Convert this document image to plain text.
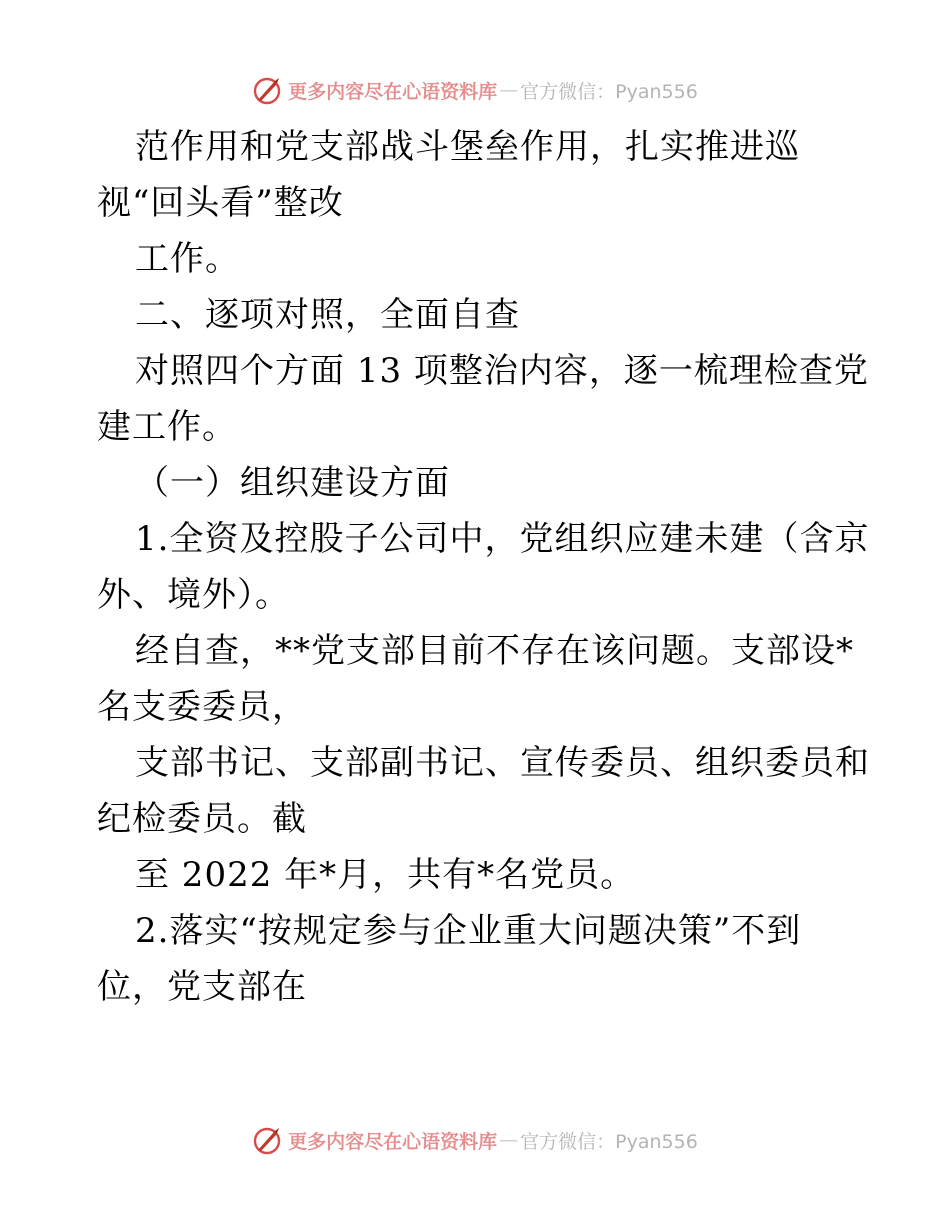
更多内容尽在心语资料库 — 官方微信：Pyan556
范作用和党支部战斗堡垒作用，扎实推进巡
视“回头看”整改
工作。
二、逐项对照，全面自查
对照四个方面 13 项整治内容，逐一梳理检查党
建工作。
（一）组织建设方面
1.全资及控股子公司中，党组织应建未建（含京
外、境外）。
经自查，**党支部目前不存在该问题。支部设*
名支委委员，
支部书记、支部副书记、宣传委员、组织委员和
纪检委员。截
至 2022 年*月，共有*名党员。
2.落实“按规定参与企业重大问题决策”不到
位，党支部在
更多内容尽在心语资料库 — 官方微信：Pyan556
